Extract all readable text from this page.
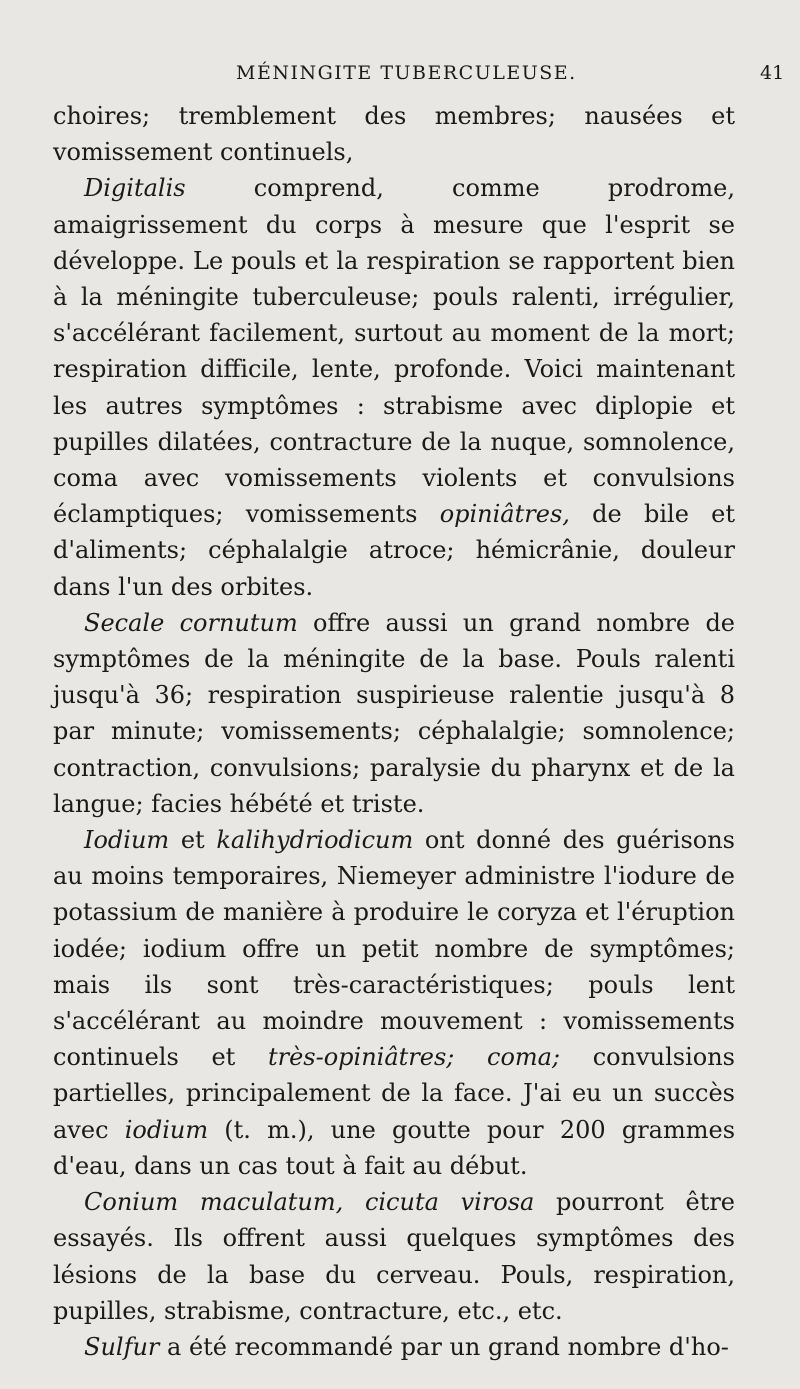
MÉNINGITE TUBERCULEUSE.	41

choires; tremblement des membres; nausées et vomissement continuels,

Digitalis comprend, comme prodrome, amaigrissement du corps à mesure que l'esprit se développe. Le pouls et la respiration se rapportent bien à la méningite tuberculeuse; pouls ralenti, irrégulier, s'accélérant facilement, surtout au moment de la mort; respiration difficile, lente, profonde. Voici maintenant les autres symptômes : strabisme avec diplopie et pupilles dilatées, contracture de la nuque, somnolence, coma avec vomissements violents et convulsions éclamptiques; vomissements opiniâtres, de bile et d'aliments; céphalalgie atroce; hémicrânie, douleur dans l'un des orbites.

Secale cornutum offre aussi un grand nombre de symptômes de la méningite de la base. Pouls ralenti jusqu'à 36; respiration suspirieuse ralentie jusqu'à 8 par minute; vomissements; céphalalgie; somnolence; contraction, convulsions; paralysie du pharynx et de la langue; facies hébété et triste.

Iodium et kalihydriodicum ont donné des guérisons au moins temporaires, Niemeyer administre l'iodure de potassium de manière à produire le coryza et l'éruption iodée; iodium offre un petit nombre de symptômes; mais ils sont très-caractéristiques; pouls lent s'accélérant au moindre mouvement : vomissements continuels et très-opiniâtres; coma; convulsions partielles, principalement de la face. J'ai eu un succès avec iodium (t. m.), une goutte pour 200 grammes d'eau, dans un cas tout à fait au début.

Conium maculatum, cicuta virosa pourront être essayés. Ils offrent aussi quelques symptômes des lésions de la base du cerveau. Pouls, respiration, pupilles, strabisme, contracture, etc., etc.

Sulfur a été recommandé par un grand nombre d'ho-
